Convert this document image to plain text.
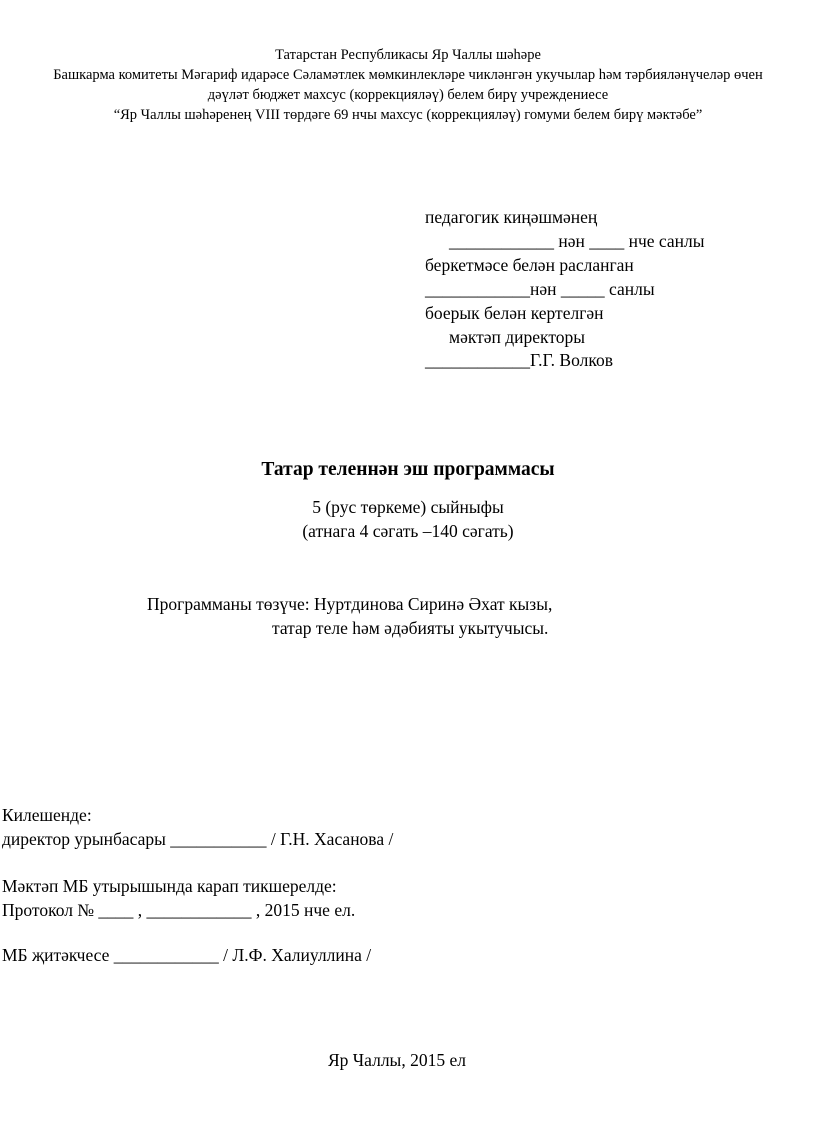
Татарстан Республикасы Яр Чаллы шәһәре
Башкарма комитеты Мәгариф идарәсе Сәламәтлек мөмкинлекләре чикләнгән укучылар һәм тәрбияләнүчеләр өчен
дәүләт бюджет махсус (коррекцияләү) белем бирү учреждениесе
“Яр Чаллы шәһәренең VIII төрдәге 69 нчы махсус (коррекцияләү) гомуми белем бирү мәктәбе”
педагогик киңәшмәнең
____________ нән ____ нче санлы
беркетмәсе белән расланган
____________нән _____ санлы
боерык белән кертелгән
мәктәп директоры
____________Г.Г. Волков
Татар теленнән эш программасы
5 (рус төркеме) сыйныфы
(атнага 4 сәгать –140 сәгать)
Программаны төзүче: Нуртдинова Сиринә Әхат кызы,
татар теле һәм әдәбияты укытучысы.
Килешенде:
директор урынбасары ___________ / Г.Н. Хасанова /
Мәктәп МБ утырышында карап тикшерелде:
Протокол № ____ , ____________ , 2015 нче ел.
МБ җитәкчесе ____________ / Л.Ф. Халиуллина /
Яр Чаллы, 2015 ел
